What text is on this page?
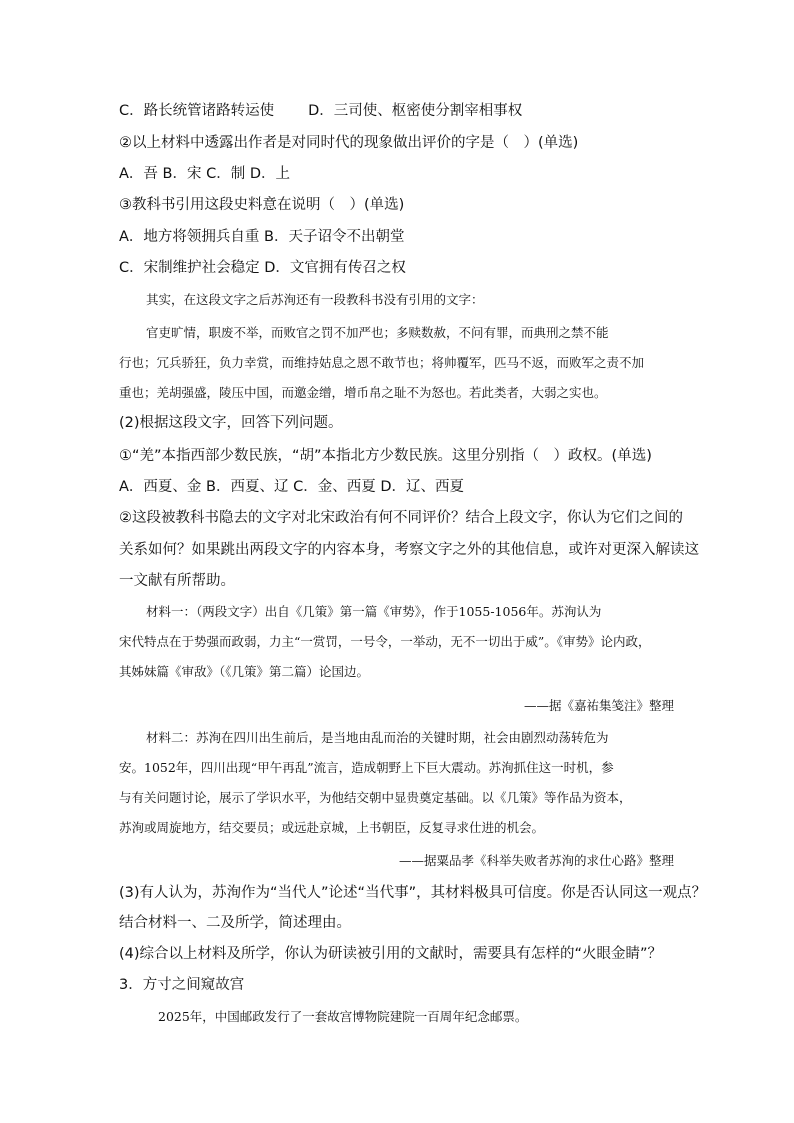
C．路长统管诸路转运使 D．三司使、枢密使分割宰相事权
②以上材料中透露出作者是对同时代的现象做出评价的字是（　）(单选)
A．吾 B．宋 C．制 D．上
③教科书引用这段史料意在说明（　）(单选)
A．地方将领拥兵自重 B．天子诏令不出朝堂
C．宋制维护社会稳定 D．文官拥有传召之权
其实，在这段文字之后苏洵还有一段教科书没有引用的文字：
官吏旷情，职废不举，而败官之罚不加严也；多赎数赦，不问有罪，而典刑之禁不能
行也；冗兵骄狂，负力幸赏，而维持姑息之恩不敢节也；将帅覆军，匹马不返，而败军之责不加
重也；羌胡强盛，陵压中国，而邀金缯，增币帛之耻不为怒也。若此类者，大弱之实也。
(2)根据这段文字，回答下列问题。
①“羌”本指西部少数民族，“胡”本指北方少数民族。这里分别指（　）政权。(单选)
A．西夏、金 B．西夏、辽 C．金、西夏 D．辽、西夏
②这段被教科书隐去的文字对北宋政治有何不同评价？结合上段文字，你认为它们之间的
关系如何？如果跳出两段文字的内容本身，考察文字之外的其他信息，或许对更深入解读这
一文献有所帮助。
材料一：（两段文字）出自《几策》第一篇《审势》，作于1055-1056年。苏洵认为
宋代特点在于势强而政弱，力主“一赏罚，一号令，一举动，无不一切出于威”。《审势》论内政，
其姊妹篇《审敌》（《几策》第二篇）论国边。
——据《嘉祐集笺注》整理
材料二：苏洵在四川出生前后，是当地由乱而治的关键时期，社会由剧烈动荡转危为
安。1052年，四川出现“甲午再乱”流言，造成朝野上下巨大震动。苏洵抓住这一时机，参
与有关问题讨论，展示了学识水平，为他结交朝中显贵奠定基础。以《几策》等作品为资本，
苏洵或周旋地方，结交要员；或远赴京城，上书朝臣，反复寻求仕进的机会。
——据粟品孝《科举失败者苏洵的求仕心路》整理
(3)有人认为，苏洵作为“当代人”论述“当代事”，其材料极具可信度。你是否认同这一观点？
结合材料一、二及所学，简述理由。
(4)综合以上材料及所学，你认为研读被引用的文献时，需要具有怎样的“火眼金睛”？
3．方寸之间窥故宫
2025年，中国邮政发行了一套故宫博物院建院一百周年纪念邮票。
